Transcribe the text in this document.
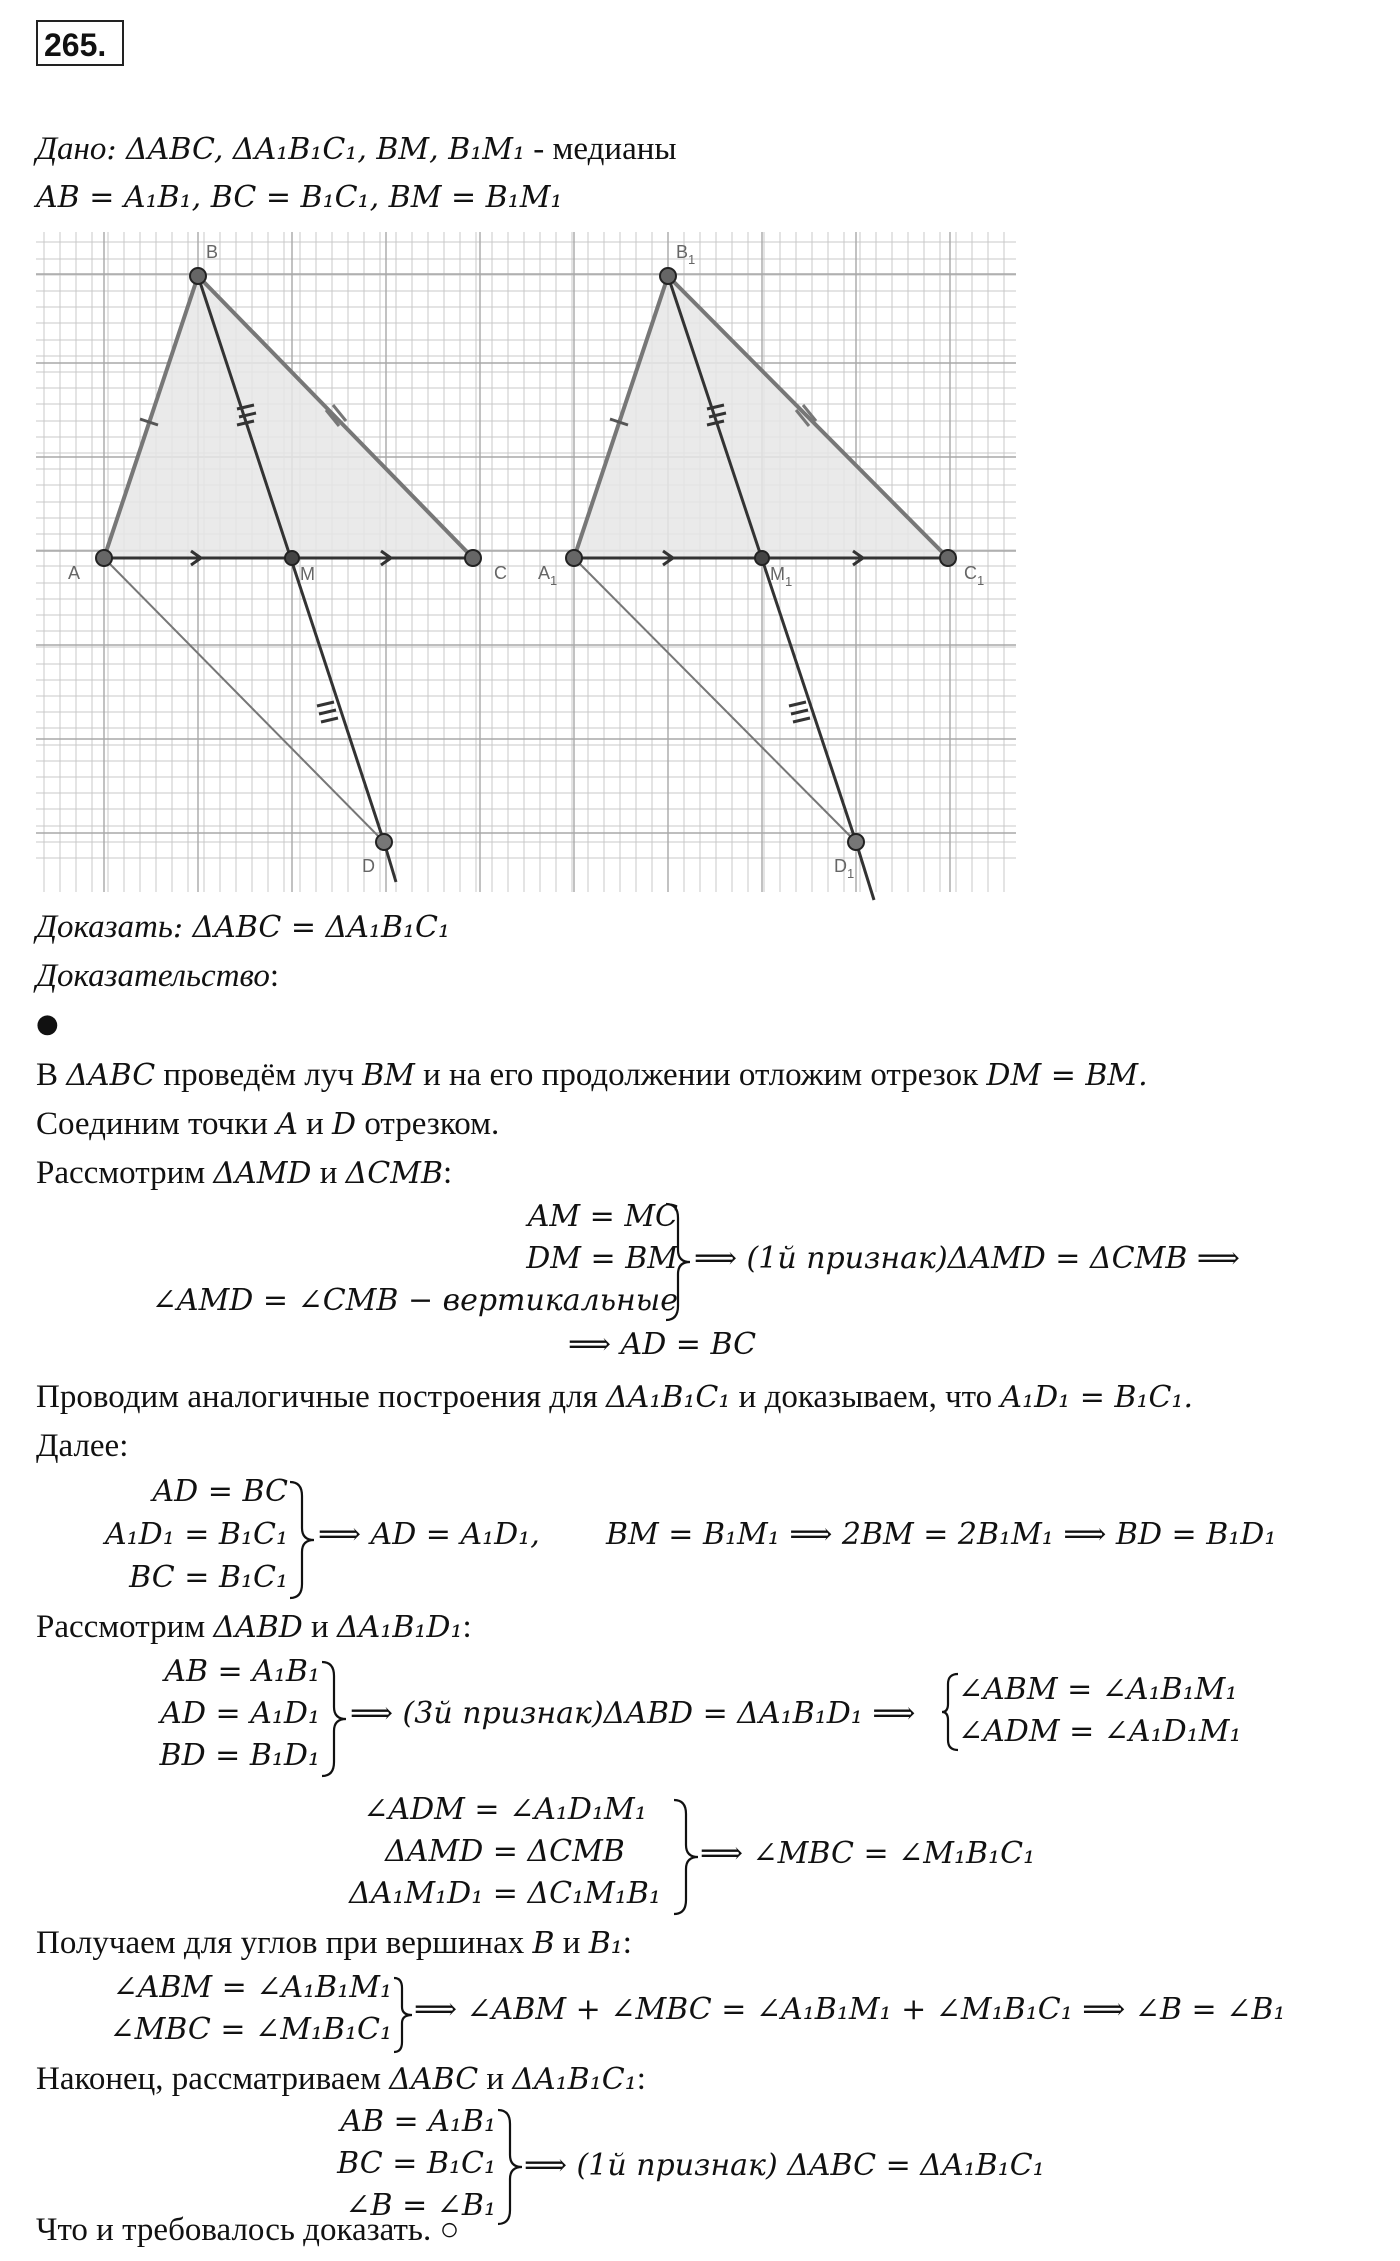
265.
Дано: ΔABC, ΔA₁B₁C₁, BM, B₁M₁ - медианы
AB = A₁B₁, BC = B₁C₁, BM = B₁M₁
B
A	M	C
D
$B_1$
$A_1$	$M_1$	$C_1$
$D_1$
Доказать: ΔABC = ΔA₁B₁C₁
Доказательство:
●
В ΔABC проведём луч BM и на его продолжении отложим отрезок DM = BM.
Соединим точки A и D отрезком.
Рассмотрим ΔAMD и ΔCMB:
AM = MC
DM = BM
∠AMD = ∠CMB − вертикальные
⟹ (1й признак)ΔAMD = ΔCMB ⟹
⟹ AD = BC
Проводим аналогичные построения для ΔA₁B₁C₁ и доказываем, что A₁D₁ = B₁C₁.
Далее:
AD = BC
A₁D₁ = B₁C₁
BC = B₁C₁
⟹ AD = A₁D₁, BM = B₁M₁ ⟹ 2BM = 2B₁M₁ ⟹ BD = B₁D₁
Рассмотрим ΔABD и ΔA₁B₁D₁:
AB = A₁B₁
AD = A₁D₁
BD = B₁D₁
⟹ (3й признак)ΔABD = ΔA₁B₁D₁ ⟹
∠ABM = ∠A₁B₁M₁
∠ADM = ∠A₁D₁M₁
∠ADM = ∠A₁D₁M₁
ΔAMD = ΔCMB
ΔA₁M₁D₁ = ΔC₁M₁B₁
⟹ ∠MBC = ∠M₁B₁C₁
Получаем для углов при вершинах B и B₁:
∠ABM = ∠A₁B₁M₁
∠MBC = ∠M₁B₁C₁
⟹ ∠ABM + ∠MBC = ∠A₁B₁M₁ + ∠M₁B₁C₁ ⟹ ∠B = ∠B₁
Наконец, рассматриваем ΔABC и ΔA₁B₁C₁:
AB = A₁B₁
BC = B₁C₁
∠B = ∠B₁
⟹ (1й признак) ΔABC = ΔA₁B₁C₁
Что и требовалось доказать. ○
